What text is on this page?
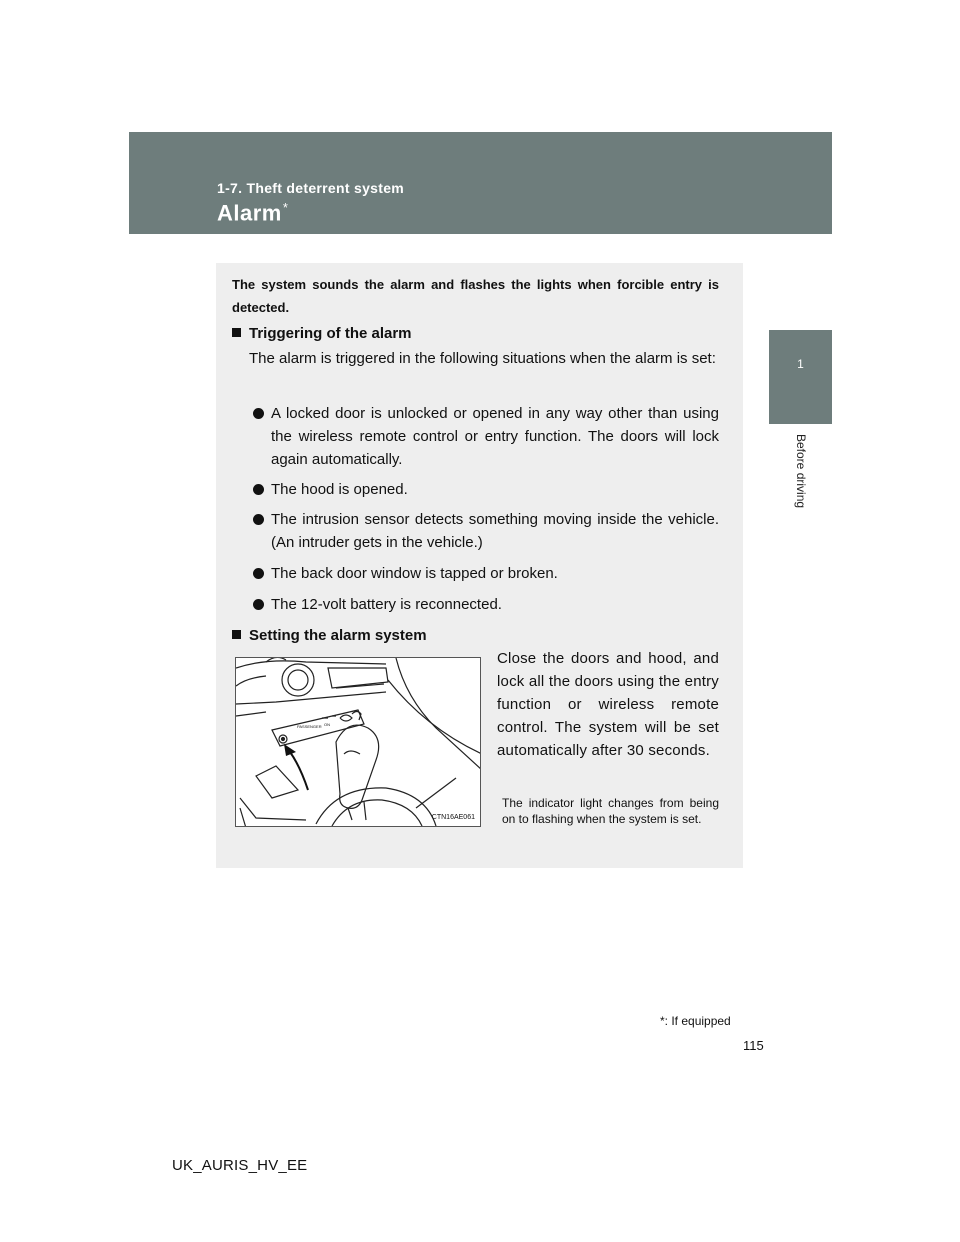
1-7. Theft deterrent system
Alarm*
1
Before driving
The system sounds the alarm and flashes the lights when forcible entry is detected.
Triggering of the alarm
The alarm is triggered in the following situations when the alarm is set:
A locked door is unlocked or opened in any way other than using the wireless remote control or entry function. The doors will lock again automatically.
The hood is opened.
The intrusion sensor detects something moving inside the vehicle. (An intruder gets in the vehicle.)
The back door window is tapped or broken.
The 12-volt battery is reconnected.
Setting the alarm system
PASSENGER ON
CTN16AE061
Close the doors and hood, and lock all the doors using the entry function or wireless remote control. The system will be set automatically after 30 seconds.
The indicator light changes from being on to flashing when the system is set.
*: If equipped
115
UK_AURIS_HV_EE
